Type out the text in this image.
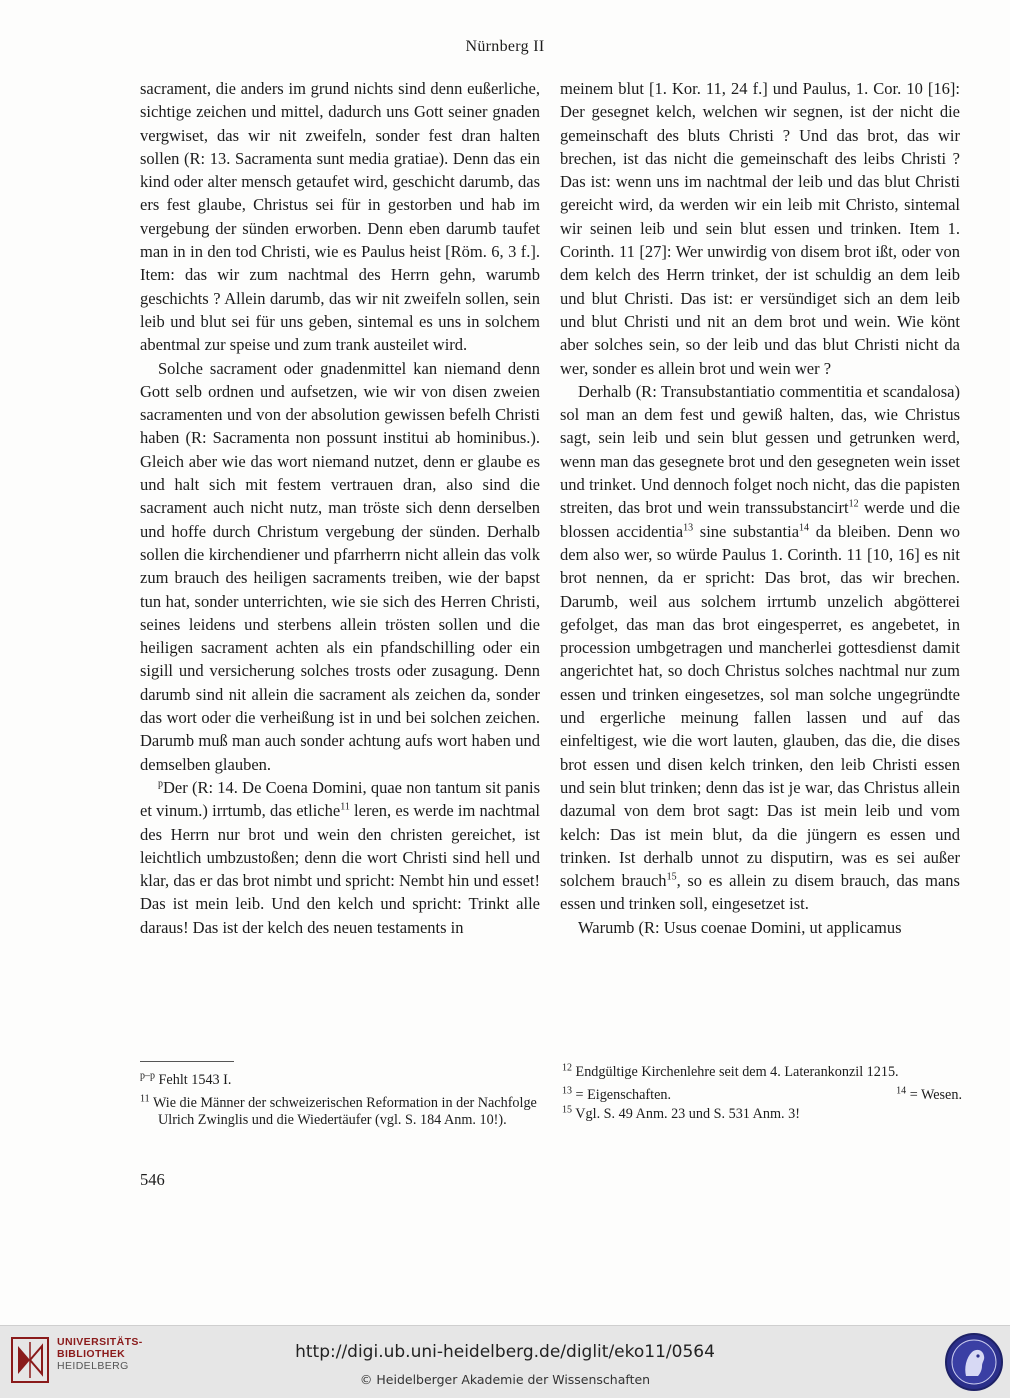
Nürnberg II

sacrament, die anders im grund nichts sind denn eußerliche, sichtige zeichen und mittel, dadurch uns Gott seiner gnaden vergwiset, das wir nit zweifeln, sonder fest dran halten sollen (R: 13. Sacramenta sunt media gratiae). Denn das ein kind oder alter mensch getaufet wird, geschicht darumb, das ers fest glaube, Christus sei für in gestorben und hab im vergebung der sünden erworben. Denn eben darumb taufet man in in den tod Christi, wie es Paulus heist [Röm. 6, 3 f.]. Item: das wir zum nachtmal des Herrn gehn, warumb geschichts ? Allein darumb, das wir nit zweifeln sollen, sein leib und blut sei für uns geben, sintemal es uns in solchem abentmal zur speise und zum trank austeilet wird.

Solche sacrament oder gnadenmittel kan niemand denn Gott selb ordnen und aufsetzen, wie wir von disen zweien sacramenten und von der absolution gewissen befelh Christi haben (R: Sacramenta non possunt institui ab hominibus.). Gleich aber wie das wort niemand nutzet, denn er glaube es und halt sich mit festem vertrauen dran, also sind die sacrament auch nicht nutz, man tröste sich denn derselben und hoffe durch Christum vergebung der sünden. Derhalb sollen die kirchendiener und pfarrherrn nicht allein das volk zum brauch des heiligen sacraments treiben, wie der bapst tun hat, sonder unterrichten, wie sie sich des Herren Christi, seines leidens und sterbens allein trösten sollen und die heiligen sacrament achten als ein pfandschilling oder ein sigill und versicherung solches trosts oder zusagung. Denn darumb sind nit allein die sacrament als zeichen da, sonder das wort oder die verheißung ist in und bei solchen zeichen. Darumb muß man auch sonder achtung aufs wort haben und demselben glauben.

$^p$Der (R: 14. De Coena Domini, quae non tantum sit panis et vinum.) irrtumb, das etliche$^{11}$ leren, es werde im nachtmal des Herrn nur brot und wein den christen gereichet, ist leichtlich umbzustoßen; denn die wort Christi sind hell und klar, das er das brot nimbt und spricht: Nembt hin und esset! Das ist mein leib. Und den kelch und spricht: Trinkt alle daraus! Das ist der kelch des neuen testaments in

meinem blut [1. Kor. 11, 24 f.] und Paulus, 1. Cor. 10 [16]: Der gesegnet kelch, welchen wir segnen, ist der nicht die gemeinschaft des bluts Christi ? Und das brot, das wir brechen, ist das nicht die gemeinschaft des leibs Christi ? Das ist: wenn uns im nachtmal der leib und das blut Christi gereicht wird, da werden wir ein leib mit Christo, sintemal wir seinen leib und sein blut essen und trinken. Item 1. Corinth. 11 [27]: Wer unwirdig von disem brot ißt, oder von dem kelch des Herrn trinket, der ist schuldig an dem leib und blut Christi. Das ist: er versündiget sich an dem leib und blut Christi und nit an dem brot und wein. Wie könt aber solches sein, so der leib und das blut Christi nicht da wer, sonder es allein brot und wein wer ?

Derhalb (R: Transubstantiatio commentitia et scandalosa) sol man an dem fest und gewiß halten, das, wie Christus sagt, sein leib und sein blut gessen und getrunken werd, wenn man das gesegnete brot und den gesegneten wein isset und trinket. Und dennoch folget noch nicht, das die papisten streiten, das brot und wein transsubstancirt$^{12}$ werde und die blossen accidentia$^{13}$ sine substantia$^{14}$ da bleiben. Denn wo dem also wer, so würde Paulus 1. Corinth. 11 [10, 16] es nit brot nennen, da er spricht: Das brot, das wir brechen. Darumb, weil aus solchem irrtumb unzelich abgötterei gefolget, das man das brot eingesperret, es angebetet, in procession umbgetragen und mancherlei gottesdienst damit angerichtet hat, so doch Christus solches nachtmal nur zum essen und trinken eingesetzes, sol man solche ungegründte und ergerliche meinung fallen lassen und auf das einfeltigest, wie die wort lauten, glauben, das die, die dises brot essen und disen kelch trinken, den leib Christi essen und sein blut trinken; denn das ist je war, das Christus allein dazumal von dem brot sagt: Das ist mein leib und vom kelch: Das ist mein blut, da die jüngern es essen und trinken. Ist derhalb unnot zu disputirn, was es sei außer solchem brauch$^{15}$, so es allein zu disem brauch, das mans essen und trinken soll, eingesetzet ist.

Warumb (R: Usus coenae Domini, ut applicamus

$^{p-p}$ Fehlt 1543 I.

$^{11}$ Wie die Männer der schweizerischen Reformation in der Nachfolge Ulrich Zwinglis und die Wiedertäufer (vgl. S. 184 Anm. 10!).

$^{12}$ Endgültige Kirchenlehre seit dem 4. Laterankonzil 1215.

$^{13}$ = Eigenschaften.	$^{14}$ = Wesen.

$^{15}$ Vgl. S. 49 Anm. 23 und S. 531 Anm. 3!

546
UNIVERSITÄTS-
BIBLIOTHEK
HEIDELBERG
http://digi.ub.uni-heidelberg.de/diglit/eko11/0564
© Heidelberger Akademie der Wissenschaften
